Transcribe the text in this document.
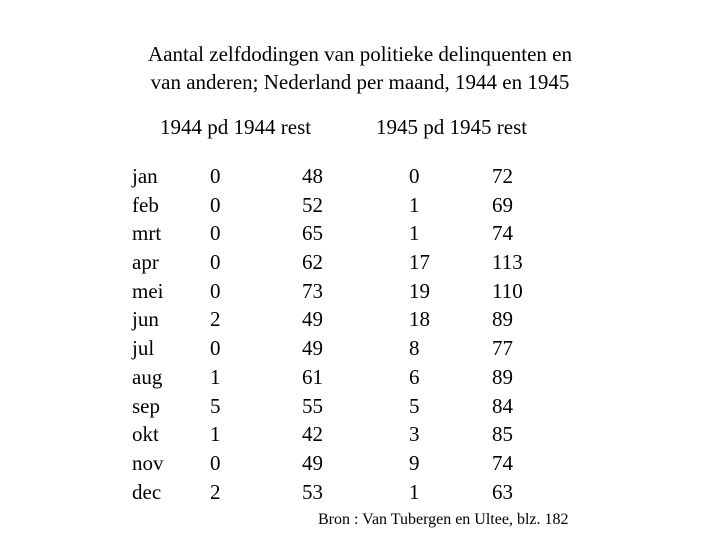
Aantal zelfdodingen van politieke delinquenten en
van anderen; Nederland per maand, 1944 en 1945
1944 pd 1944 rest	1945 pd 1945 rest
jan 0	48	0	72
feb 0	52	1	69
mrt 0	65	1	74
apr 0	62	17	113
mei 0	73	19	110
jun 2	49	18	89
jul	0	49	8	77
aug 1	61	6	89
sep 5	55	5	84
okt 1	42	3	85
nov 0	49	9	74
dec 2	53	1	63
Bron : Van Tubergen en Ultee, blz. 182
